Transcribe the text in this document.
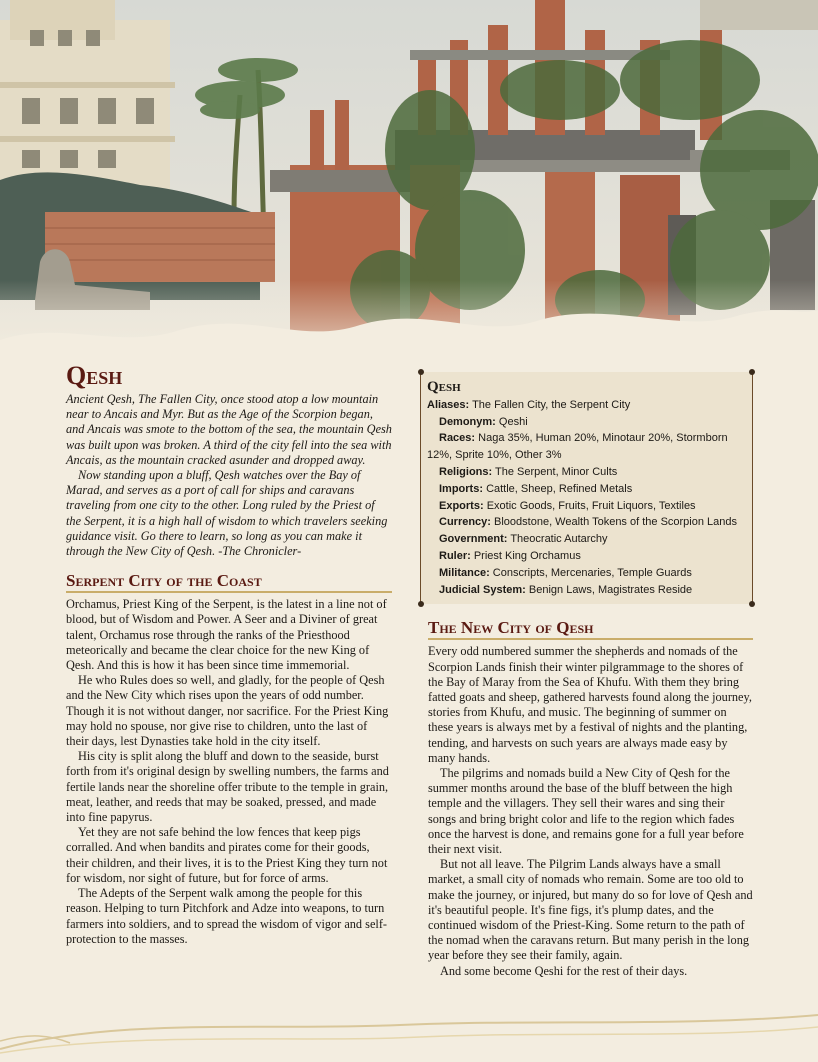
Qesh

Ancient Qesh, The Fallen City, once stood atop a low mountain near to Ancais and Myr. But as the Age of the Scorpion began, and Ancais was smote to the bottom of the sea, the mountain Qesh was built upon was broken. A third of the city fell into the sea with Ancais, as the mountain cracked asunder and dropped away.

Now standing upon a bluff, Qesh watches over the Bay of Marad, and serves as a port of call for ships and caravans traveling from one city to the other. Long ruled by the Priest of the Serpent, it is a high hall of wisdom to which travelers seeking guidance visit. Go there to learn, so long as you can make it through the New City of Qesh. -The Chronicler-

Serpent City of the Coast

Orchamus, Priest King of the Serpent, is the latest in a line not of blood, but of Wisdom and Power. A Seer and a Diviner of great talent, Orchamus rose through the ranks of the Priesthood meteorically and became the clear choice for the new King of Qesh. And this is how it has been since time immemorial.

He who Rules does so well, and gladly, for the people of Qesh and the New City which rises upon the years of odd number. Though it is not without danger, nor sacrifice. For the Priest King may hold no spouse, nor give rise to children, unto the last of their days, lest Dynasties take hold in the city itself.

His city is split along the bluff and down to the seaside, burst forth from it's original design by swelling numbers, the farms and fertile lands near the shoreline offer tribute to the temple in grain, meat, leather, and reeds that may be soaked, pressed, and made into fine papyrus.

Yet they are not safe behind the low fences that keep pigs corralled. And when bandits and pirates come for their goods, their children, and their lives, it is to the Priest King they turn not for wisdom, nor sight of future, but for force of arms.

The Adepts of the Serpent walk among the people for this reason. Helping to turn Pitchfork and Adze into weapons, to turn farmers into soldiers, and to spread the wisdom of vigor and self-protection to the masses.

Qesh
Aliases: The Fallen City, the Serpent City
Demonym: Qeshi
Races: Naga 35%, Human 20%, Minotaur 20%, Stormborn 12%, Sprite 10%, Other 3%
Religions: The Serpent, Minor Cults
Imports: Cattle, Sheep, Refined Metals
Exports: Exotic Goods, Fruits, Fruit Liquors, Textiles
Currency: Bloodstone, Wealth Tokens of the Scorpion Lands
Government: Theocratic Autarchy
Ruler: Priest King Orchamus
Militance: Conscripts, Mercenaries, Temple Guards
Judicial System: Benign Laws, Magistrates Reside
The New City of Qesh

Every odd numbered summer the shepherds and nomads of the Scorpion Lands finish their winter pilgrammage to the shores of the Bay of Maray from the Sea of Khufu. With them they bring fatted goats and sheep, gathered harvests found along the journey, stories from Khufu, and music. The beginning of summer on these years is always met by a festival of nights and the planting, tending, and harvests on such years are always made easy by many hands.

The pilgrims and nomads build a New City of Qesh for the summer months around the base of the bluff between the high temple and the villagers. They sell their wares and sing their songs and bring bright color and life to the region which fades once the harvest is done, and remains gone for a full year before their next visit.

But not all leave. The Pilgrim Lands always have a small market, a small city of nomads who remain. Some are too old to make the journey, or injured, but many do so for love of Qesh and it's beautiful people. It's fine figs, it's plump dates, and the continued wisdom of the Priest-King. Some return to the path of the nomad when the caravans return. But many perish in the long year before they see their family, again.

And some become Qeshi for the rest of their days.
